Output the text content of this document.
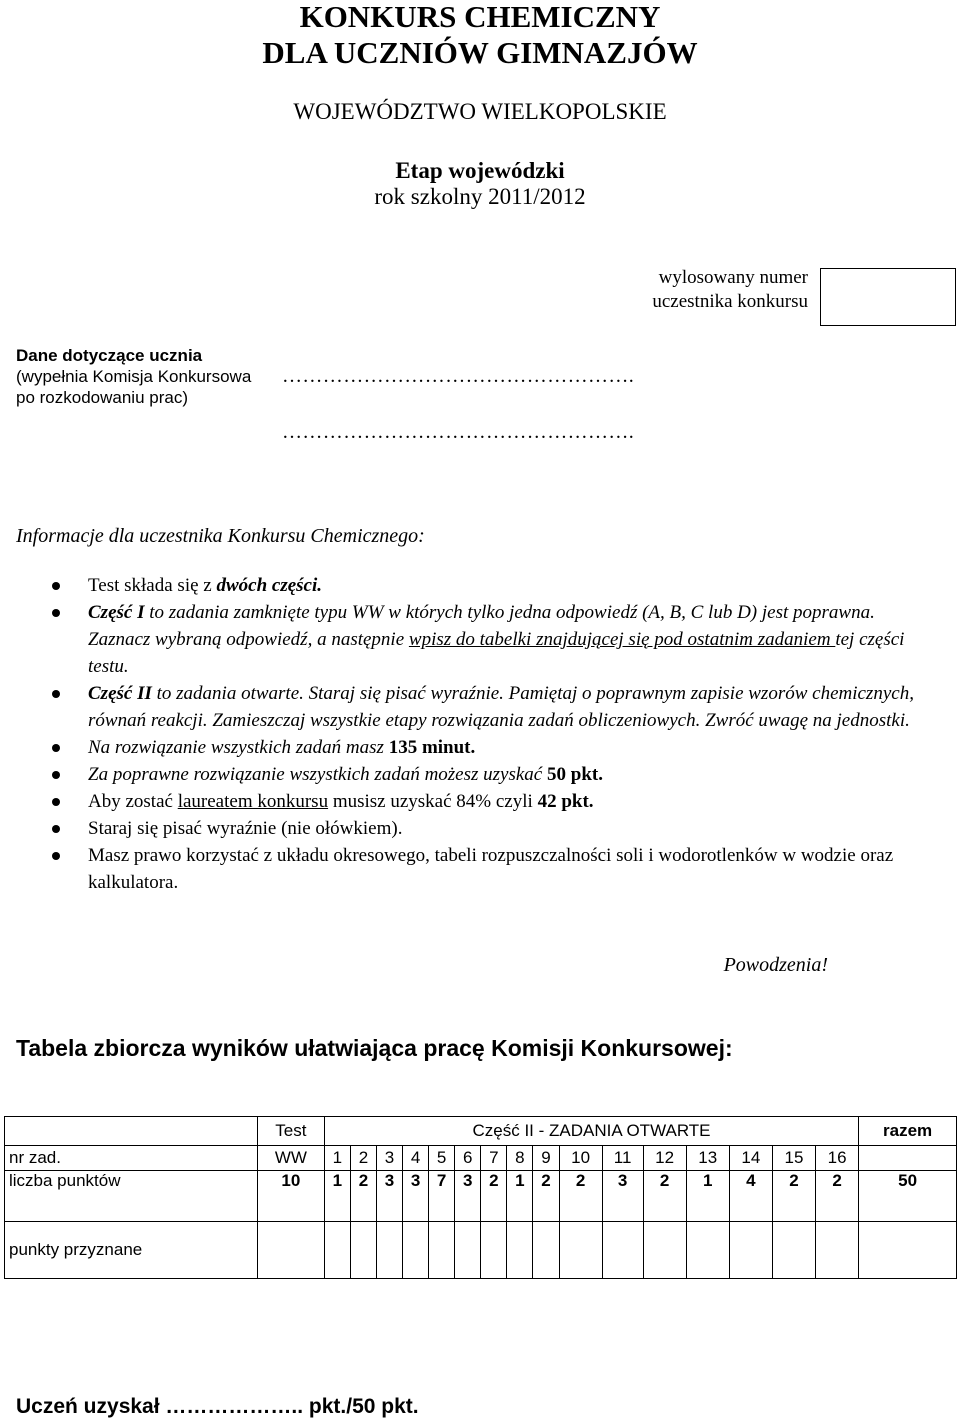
KONKURS CHEMICZNY
DLA UCZNIÓW GIMNAZJÓW
WOJEWÓDZTWO WIELKOPOLSKIE
Etap wojewódzki
rok szkolny 2011/2012
wylosowany numer
uczestnika konkursu
Dane dotyczące ucznia
(wypełnia Komisja Konkursowa
po rozkodowaniu prac)
…………………………………………….
…………………………………………….
Informacje dla uczestnika Konkursu Chemicznego:
Test składa się z dwóch części.
Część I to zadania zamknięte typu WW w których tylko jedna odpowiedź (A, B, C lub D) jest poprawna. Zaznacz wybraną odpowiedź, a następnie wpisz do tabelki znajdującej się pod ostatnim zadaniem tej części testu.
Część II to zadania otwarte. Staraj się pisać wyraźnie. Pamiętaj o poprawnym zapisie wzorów chemicznych, równań reakcji. Zamieszczaj wszystkie etapy rozwiązania zadań obliczeniowych. Zwróć uwagę na jednostki.
Na rozwiązanie wszystkich zadań masz 135 minut.
Za poprawne rozwiązanie wszystkich zadań możesz uzyskać 50 pkt.
Aby zostać laureatem konkursu musisz uzyskać 84% czyli 42 pkt.
Staraj się pisać wyraźnie (nie ołówkiem).
Masz prawo korzystać z układu okresowego, tabeli rozpuszczalności soli i wodorotlenków w wodzie oraz kalkulatora.
Powodzenia!
Tabela zbiorcza wyników ułatwiająca pracę Komisji Konkursowej:
	Test	Część II - ZADANIA OTWARTE																razem
nr zad.	WW	1	2	3	4	5	6	7	8	9	10	11	12	13	14	15	16	
liczba punktów	10	1	2	3	3	7	3	2	1	2	2	3	2	1	4	2	2	50
punkty przyznane																		
Uczeń uzyskał ……………….. pkt./50 pkt.
